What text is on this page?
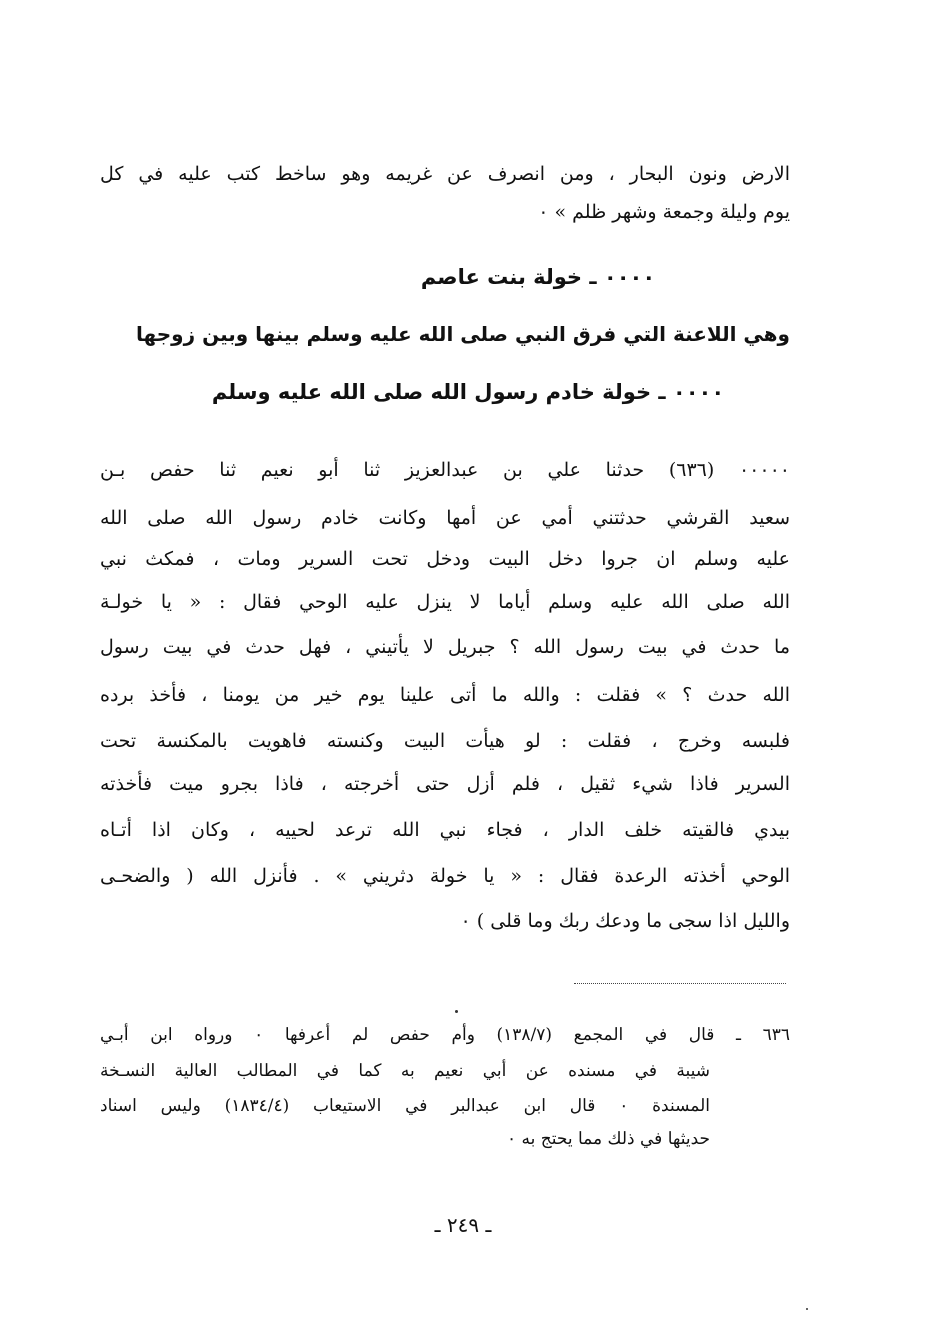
الارض ونون البحار ، ومن انصرف عن غريمه وهو ساخط كتب عليه في كل
يوم وليلة وجمعة وشهر ظلم » ٠
٠٠٠٠ ـ خولة بنت عاصم
وهي اللاعنة التي فرق النبي صلى الله عليه وسلم بينها وبين زوجها
٠٠٠٠ ـ خولة خادم رسول الله صلى الله عليه وسلم
٠٠٠٠٠ (٦٣٦) حدثنا علي بن عبدالعزيز ثنا أبو نعيم ثنا حفص بـن
سعيد القرشي حدثتني أمي عن أمها وكانت خادم رسول الله صلى الله
عليه وسلم ان جروا دخل البيت ودخل تحت السرير ومات ، فمكث نبي
الله صلى الله عليه وسلم أياما لا ينزل عليه الوحي فقال : « يا خولـة
ما حدث في بيت رسول الله ؟ جبريل لا يأتيني ، فهل حدث في بيت رسول
الله حدث ؟ » فقلت : والله ما أتى علينا يوم خير من يومنا ، فأخذ برده
فلبسه وخرج ، فقلت : لو هيأت البيت وكنسته فاهويت بالمكنسة تحت
السرير فاذا شيء ثقيل ، فلم أزل حتى أخرجته ، فاذا بجرو ميت فأخذته
بيدي فالقيته خلف الدار ، فجاء نبي الله ترعد لحييه ، وكان اذا أتـاه
الوحي أخذته الرعدة فقال : « يا خولة دثريني » . فأنزل الله ( والضحـى
والليل اذا سجى ما ودعك ربك وما قلى ) ٠
٦٣٦ ـ قال في المجمع (١٣٨/٧) وأم حفص لم أعرفها ٠ ورواه ابن أبـي
شيبة في مسنده عن أبي نعيم به كما في المطالب العالية النسـخة
المسندة ٠ قال ابن عبدالبر في الاستيعاب (١٨٣٤/٤) وليس اسناد
حديثها في ذلك مما يحتج به ٠
ـ ٢٤٩ ـ
